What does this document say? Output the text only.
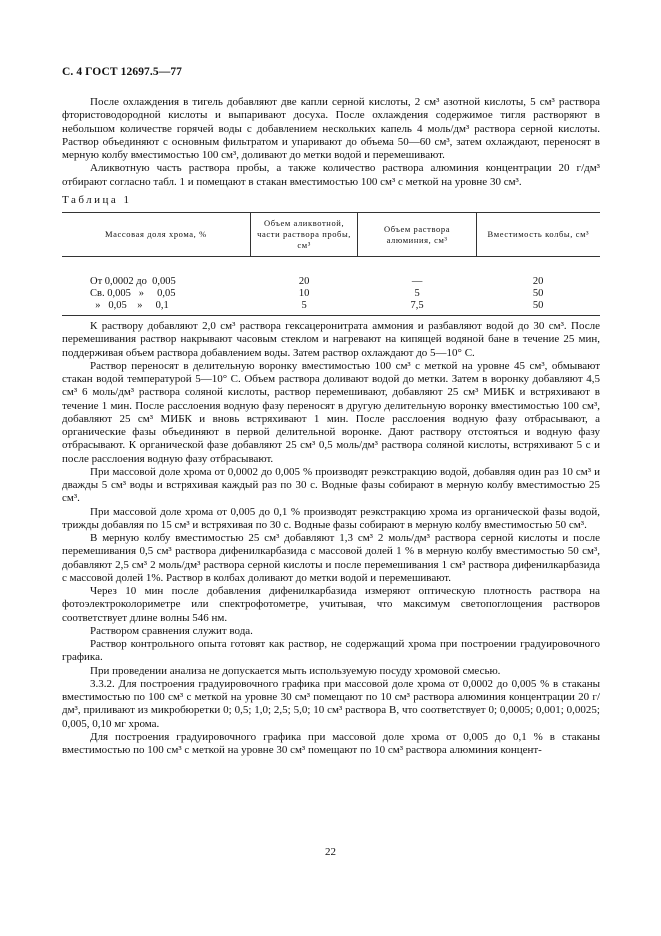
С. 4 ГОСТ 12697.5—77

После охлаждения в тигель добавляют две капли серной кислоты, 2 см³ азотной кислоты, 5 см³ раствора фтористоводородной кислоты и выпаривают досуха. После охлаждения содержимое тигля растворяют в небольшом количестве горячей воды с добавлением нескольких капель 4 моль/дм³ раствора серной кислоты. Раствор объединяют с основным фильтратом и упаривают до объема 50—60 см³, затем охлаждают, переносят в мерную колбу вместимостью 100 см³, доливают до метки водой и перемешивают.

Аликвотную часть раствора пробы, а также количество раствора алюминия концентрации 20 г/дм³ отбирают согласно табл. 1 и помещают в стакан вместимостью 100 см³ с меткой на уровне 30 см³.

Таблица 1

Массовая доля хрома, %	Объем аликвотной, части раствора пробы, см³	Объем раствора алюминия, см³	Вместимость колбы, см³
От 0,0002 до  0,005	20	—	20
Св. 0,005   »     0,05	10	5	50
»   0,05    »     0,1	5	7,5	50

К раствору добавляют 2,0 см³ раствора гексацеронитрата аммония и разбавляют водой до 30 см³. После перемешивания раствор накрывают часовым стеклом и нагревают на кипящей водяной бане в течение 25 мин, поддерживая объем раствора добавлением воды. Затем раствор охлаждают до 5—10° С.

Раствор переносят в делительную воронку вместимостью 100 см³ с меткой на уровне 45 см³, обмывают стакан водой температурой 5—10° С. Объем раствора доливают водой до метки. Затем в воронку добавляют 4,5 см³ 6 моль/дм³ раствора соляной кислоты, раствор перемешивают, добавляют 25 см³ МИБК и встряхивают в течение 1 мин. После расслоения водную фазу переносят в другую делительную воронку вместимостью 100 см³, добавляют 25 см³ МИБК и вновь встряхивают 1 мин. После расслоения водную фазу отбрасывают, а органические фазы объединяют в первой делительной воронке. Дают раствору отстояться и водную фазу отбрасывают. К органической фазе добавляют 25 см³ 0,5 моль/дм³ раствора соляной кислоты, встряхивают 5 с и после расслоения водную фазу отбрасывают.

При массовой доле хрома от 0,0002 до 0,005 % производят реэкстракцию водой, добавляя один раз 10 см³ и дважды 5 см³ воды и встряхивая каждый раз по 30 с. Водные фазы собирают в мерную колбу вместимостью 25 см³.

При массовой доле хрома от 0,005 до 0,1 % производят реэкстракцию хрома из органической фазы водой, трижды добавляя по 15 см³ и встряхивая по 30 с. Водные фазы собирают в мерную колбу вместимостью 50 см³.

В мерную колбу вместимостью 25 см³ добавляют 1,3 см³ 2 моль/дм³ раствора серной кислоты и после перемешивания 0,5 см³ раствора дифенилкарбазида с массовой долей 1 % в мерную колбу вместимостью 50 см³, добавляют 2,5 см³ 2 моль/дм³ раствора серной кислоты и после перемешивания 1 см³ раствора дифенилкарбазида с массовой долей 1%. Раствор в колбах доливают до метки водой и перемешивают.

Через 10 мин после добавления дифенилкарбазида измеряют оптическую плотность раствора на фотоэлектроколориметре или спектрофотометре, учитывая, что максимум светопоглощения растворов соответствует длине волны 546 нм.

Раствором сравнения служит вода.

Раствор контрольного опыта готовят как раствор, не содержащий хрома при построении градуировочного графика.

При проведении анализа не допускается мыть используемую посуду хромовой смесью.

3.3.2. Для построения градуировочного графика при массовой доле хрома от 0,0002 до 0,005 % в стаканы вместимостью по 100 см³ с меткой на уровне 30 см³ помещают по 10 см³ раствора алюминия концентрации 20 г/дм³, приливают из микробюретки 0; 0,5; 1,0; 2,5; 5,0; 10 см³ раствора В, что соответствует 0; 0,0005; 0,001; 0,0025; 0,005, 0,10 мг хрома.

Для построения градуировочного графика при массовой доле хрома от 0,005 до 0,1 % в стаканы вместимостью по 100 см³ с меткой на уровне 30 см³ помещают по 10 см³ раствора алюминия концент-

22
